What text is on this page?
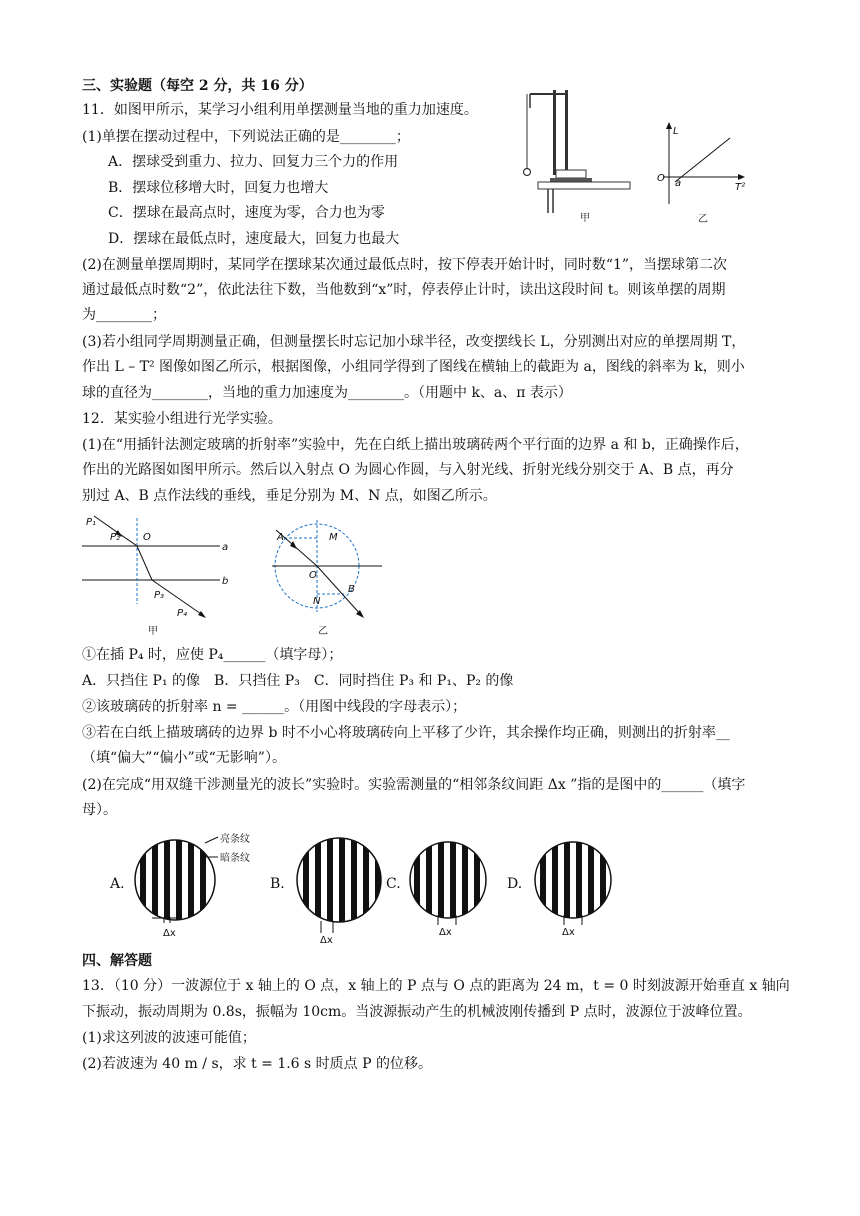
三、实验题（每空 2 分，共 16 分）
11．如图甲所示，某学习小组利用单摆测量当地的重力加速度。
(1)单摆在摆动过程中，下列说法正确的是________；
A．摆球受到重力、拉力、回复力三个力的作用
B．摆球位移增大时，回复力也增大
C．摆球在最高点时，速度为零，合力也为零
D．摆球在最低点时，速度最大，回复力也最大
甲
L
O a	T²
乙
(2)在测量单摆周期时，某同学在摆球某次通过最低点时，按下停表开始计时，同时数“1”，当摆球第二次
通过最低点时数“2”，依此法往下数，当他数到“x”时，停表停止计时，读出这段时间 t。则该单摆的周期
为________；
(3)若小组同学周期测量正确，但测量摆长时忘记加小球半径，改变摆线长 L，分别测出对应的单摆周期 T，
作出 L – T² 图像如图乙所示，根据图像，小组同学得到了图线在横轴上的截距为 a，图线的斜率为 k，则小
球的直径为________，当地的重力加速度为________。（用题中 k、a、π 表示）
12．某实验小组进行光学实验。
(1)在“用插针法测定玻璃的折射率”实验中，先在白纸上描出玻璃砖两个平行面的边界 a 和 b，正确操作后，
作出的光路图如图甲所示。然后以入射点 O 为圆心作圆，与入射光线、折射光线分别交于 A、B 点，再分
别过 A、B 点作法线的垂线，垂足分别为 M、N 点，如图乙所示。
P₁
P₂ O
a
b
P₃
P₄
甲
A	M
O
B
N
乙
①在插 P₄ 时，应使 P₄______（填字母）；
A．只挡住 P₁ 的像　B．只挡住 P₃　C．同时挡住 P₃ 和 P₁、P₂ 的像
②该玻璃砖的折射率 n = ______。（用图中线段的字母表示）；
③若在白纸上描玻璃砖的边界 b 时不小心将玻璃砖向上平移了少许，其余操作均正确，则测出的折射率__
（填“偏大”“偏小”或“无影响”）。
(2)在完成“用双缝干涉测量光的波长”实验时。实验需测量的“相邻条纹间距 Δx ”指的是图中的______（填字
母）。
A.	B.	C.	D.
亮条纹
暗条纹
Δx
Δx
Δx	Δx
四、解答题
13．（10 分）一波源位于 x 轴上的 O 点，x 轴上的 P 点与 O 点的距离为 24 m，t = 0 时刻波源开始垂直 x 轴向
下振动，振动周期为 0.8s，振幅为 10cm。当波源振动产生的机械波刚传播到 P 点时，波源位于波峰位置。
(1)求这列波的波速可能值；
(2)若波速为 40 m / s，求 t = 1.6 s 时质点 P 的位移。
